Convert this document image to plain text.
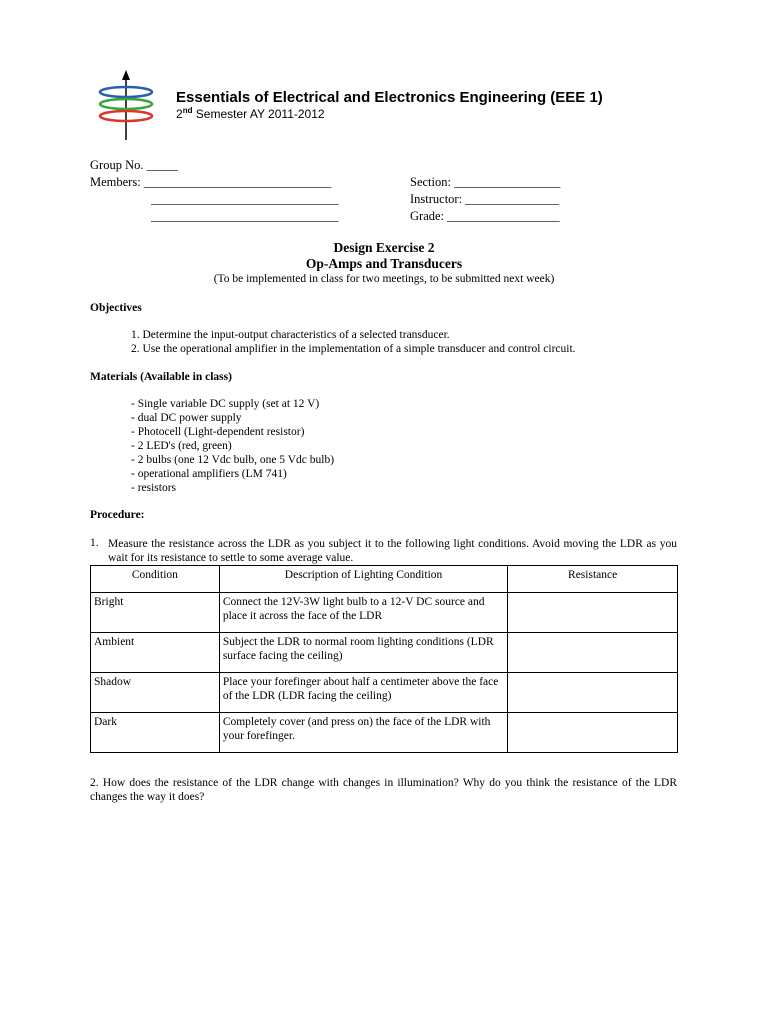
Essentials of Electrical and Electronics Engineering (EEE 1)
2nd Semester AY 2011-2012
Group No. _____
Members: ______________________________
______________________________
______________________________
Section: _________________
Instructor: _______________
Grade: __________________
Design Exercise 2
Op-Amps and Transducers
(To be implemented in class for two meetings, to be submitted next week)
Objectives
1. Determine the input-output characteristics of a selected transducer.
2. Use the operational amplifier in the implementation of a simple transducer and control circuit.
Materials (Available in class)
- Single variable DC supply (set at 12 V)
- dual DC power supply
- Photocell (Light-dependent resistor)
- 2 LED's (red, green)
- 2 bulbs (one 12 Vdc bulb, one 5 Vdc bulb)
- operational amplifiers (LM 741)
- resistors
Procedure:
1. Measure the resistance across the LDR as you subject it to the following light conditions. Avoid moving the LDR as you wait for its resistance to settle to some average value.
Condition	Description of Lighting Condition	Resistance
Bright	Connect the 12V-3W light bulb to a 12-V DC source and place it across the face of the LDR	
Ambient	Subject the LDR to normal room lighting conditions (LDR surface facing the ceiling)	
Shadow	Place your forefinger about half a centimeter above the face of the LDR (LDR facing the ceiling)	
Dark	Completely cover (and press on) the face of the LDR with your forefinger.	
2. How does the resistance of the LDR change with changes in illumination? Why do you think the resistance of the LDR changes the way it does?
